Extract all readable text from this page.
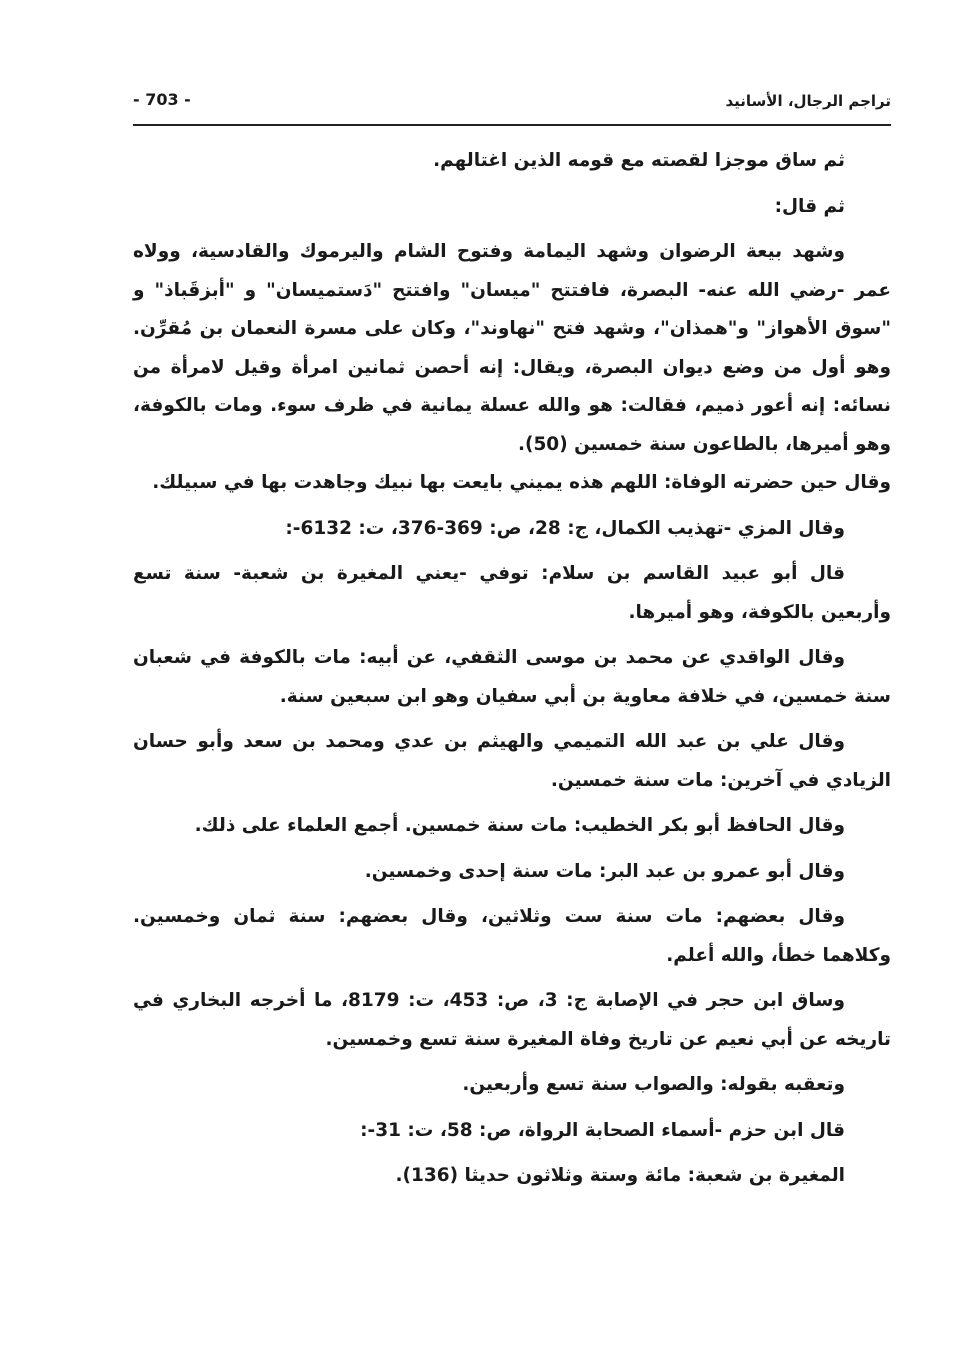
تراجم الرجال، الأسانيد
- 703 -

ثم ساق موجزا لقصته مع قومه الذين اغتالهم.

ثم قال:

وشهد بيعة الرضوان وشهد اليمامة وفتوح الشام واليرموك والقادسية، وولاه عمر -رضي الله عنه- البصرة، فافتتح "ميسان" وافتتح "دَستميسان" و "أبزقَباذ" و "سوق الأهواز" و"همذان"، وشهد فتح "نهاوند"، وكان على مسرة النعمان بن مُقرِّن. وهو أول من وضع ديوان البصرة، ويقال: إنه أحصن ثمانين امرأة وقيل لامرأة من نسائه: إنه أعور ذميم، فقالت: هو والله عسلة يمانية في ظرف سوء. ومات بالكوفة، وهو أميرها، بالطاعون سنة خمسين (50).

وقال حين حضرته الوفاة: اللهم هذه يميني بايعت بها نبيك وجاهدت بها في سبيلك.

وقال المزي -تهذيب الكمال، ج: 28، ص: 369-376، ت: 6132-:

قال أبو عبيد القاسم بن سلام: توفي -يعني المغيرة بن شعبة- سنة تسع وأربعين بالكوفة، وهو أميرها.

وقال الواقدي عن محمد بن موسى الثقفي، عن أبيه: مات بالكوفة في شعبان سنة خمسين، في خلافة معاوية بن أبي سفيان وهو ابن سبعين سنة.

وقال علي بن عبد الله التميمي والهيثم بن عدي ومحمد بن سعد وأبو حسان الزيادي في آخرين: مات سنة خمسين.

وقال الحافظ أبو بكر الخطيب: مات سنة خمسين. أجمع العلماء على ذلك.

وقال أبو عمرو بن عبد البر: مات سنة إحدى وخمسين.

وقال بعضهم: مات سنة ست وثلاثين، وقال بعضهم: سنة ثمان وخمسين. وكلاهما خطأ، والله أعلم.

وساق ابن حجر في الإصابة ج: 3، ص: 453، ت: 8179، ما أخرجه البخاري في تاريخه عن أبي نعيم عن تاريخ وفاة المغيرة سنة تسع وخمسين.

وتعقبه بقوله: والصواب سنة تسع وأربعين.

قال ابن حزم -أسماء الصحابة الرواة، ص: 58، ت: 31-:

المغيرة بن شعبة: مائة وستة وثلاثون حديثا (136).
